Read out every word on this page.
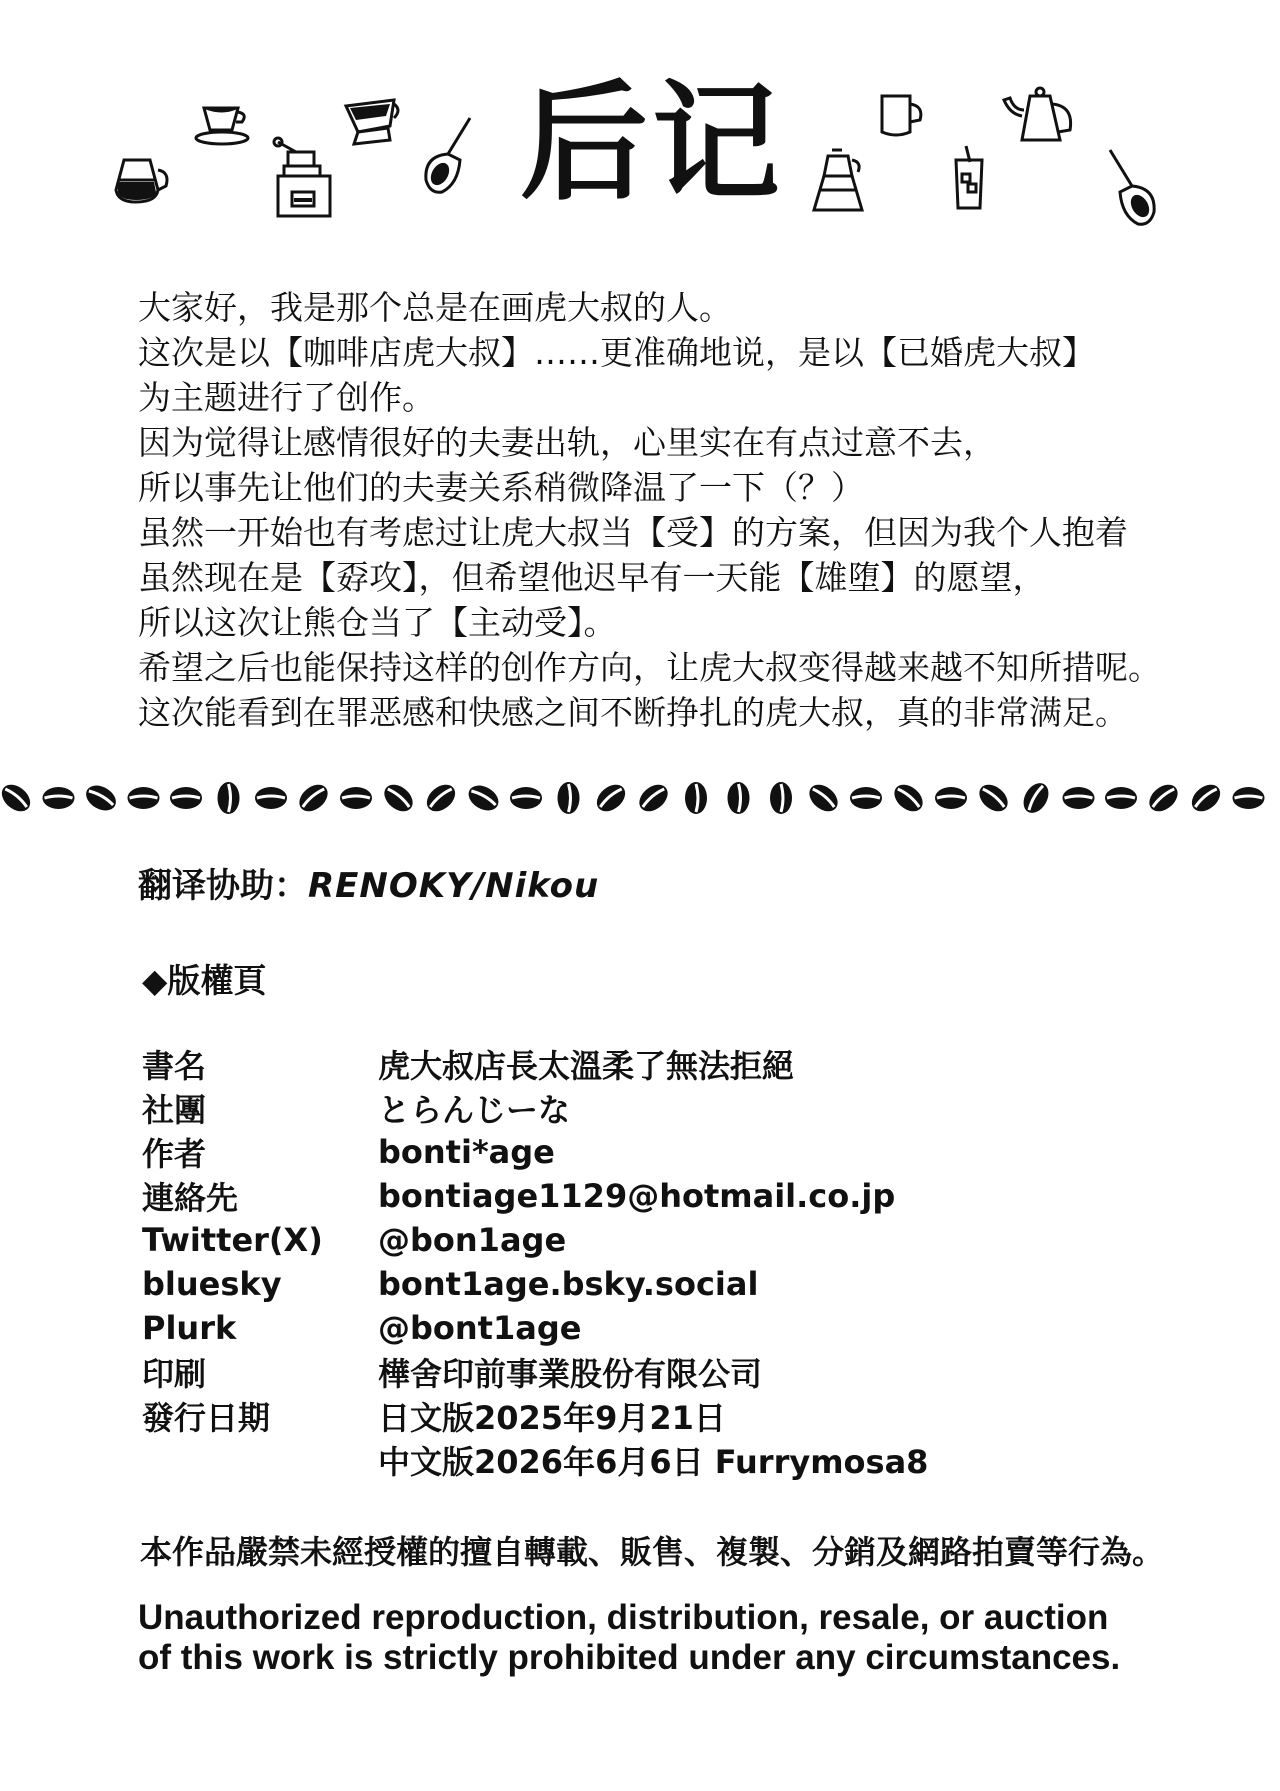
后记

大家好，我是那个总是在画虎大叔的人。

这次是以【咖啡店虎大叔】……更准确地说，是以【已婚虎大叔】

为主题进行了创作。

因为觉得让感情很好的夫妻出轨，心里实在有点过意不去，

所以事先让他们的夫妻关系稍微降温了一下（？）

虽然一开始也有考虑过让虎大叔当【受】的方案，但因为我个人抱着

虽然现在是【孬攻】，但希望他迟早有一天能【雄堕】的愿望，

所以这次让熊仓当了【主动受】。

希望之后也能保持这样的创作方向，让虎大叔变得越来越不知所措呢。

这次能看到在罪恶感和快感之间不断挣扎的虎大叔，真的非常满足。

翻译协助：RENOKY/Nikou
◆版權頁
書名	虎大叔店長太溫柔了無法拒絕
社團	とらんじーな
作者	bonti*age
連絡先	bontiage1129@hotmail.co.jp
Twitter(X)	@bon1age
bluesky	bont1age.bsky.social
Plurk	@bont1age
印刷	樺舍印前事業股份有限公司
發行日期	日文版2025年9月21日
中文版2026年6月6日 Furrymosa8
本作品嚴禁未經授權的擅自轉載、販售、複製、分銷及網路拍賣等行為。
Unauthorized reproduction, distribution, resale, or auction
of this work is strictly prohibited under any circumstances.
